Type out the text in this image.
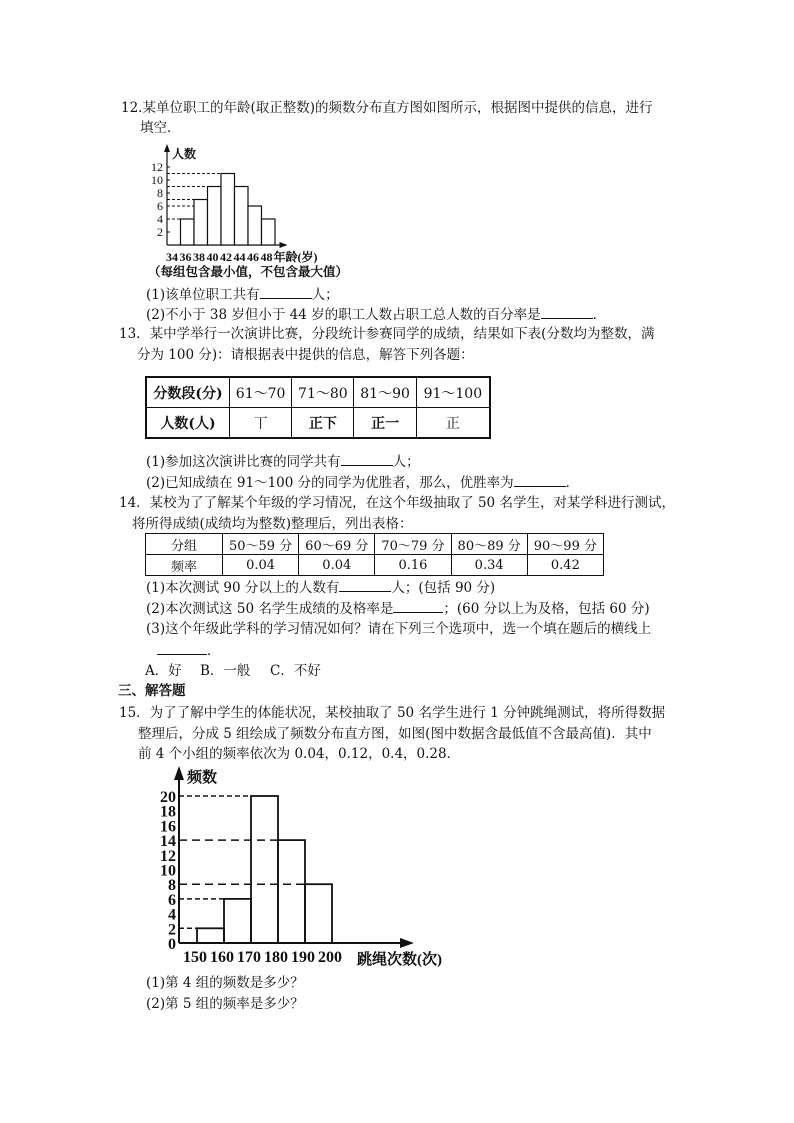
12.某单位职工的年龄(取正整数)的频数分布直方图如图所示，根据图中提供的信息，进行
填空．
人数
2
4
6
8
10
12
34 36 38 40 42 44 46 48 年龄(岁)
（每组包含最小值，不包含最大值）
(1)该单位职工共有	人；
(2)不小于 38 岁但小于 44 岁的职工人数占职工总人数的百分率是	．
13．某中学举行一次演讲比赛，分段统计参赛同学的成绩，结果如下表(分数均为整数，满
分为 100 分)：请根据表中提供的信息，解答下列各题：
分数段(分)	61～70	71～80	81～90	91～100
人数(人)	丅	正下	正一	正
(1)参加这次演讲比赛的同学共有	人；
(2)已知成绩在 91～100 分的同学为优胜者，那么，优胜率为	．
14．某校为了了解某个年级的学习情况，在这个年级抽取了 50 名学生，对某学科进行测试，
将所得成绩(成绩均为整数)整理后，列出表格：
分组	50～59 分	60～69 分	70～79 分	80～89 分	90～99 分
频率	0.04	0.04	0.16	0.34	0.42
(1)本次测试 90 分以上的人数有	人；(包括 90 分)
(2)本次测试这 50 名学生成绩的及格率是	；(60 分以上为及格，包括 60 分)
(3)这个年级此学科的学习情况如何？请在下列三个选项中，选一个填在题后的横线上
．
A．好 B．一般 C．不好
三、解答题
15．为了了解中学生的体能状况，某校抽取了 50 名学生进行 1 分钟跳绳测试，将所得数据
整理后，分成 5 组绘成了频数分布直方图，如图(图中数据含最低值不含最高值)．其中
前 4 个小组的频率依次为 0.04，0.12，0.4，0.28．
频数
0
2
4
6
8
10
12
14
16
18
20
150 160 170 180 190 200 跳绳次数(次)
(1)第 4 组的频数是多少？
(2)第 5 组的频率是多少？
